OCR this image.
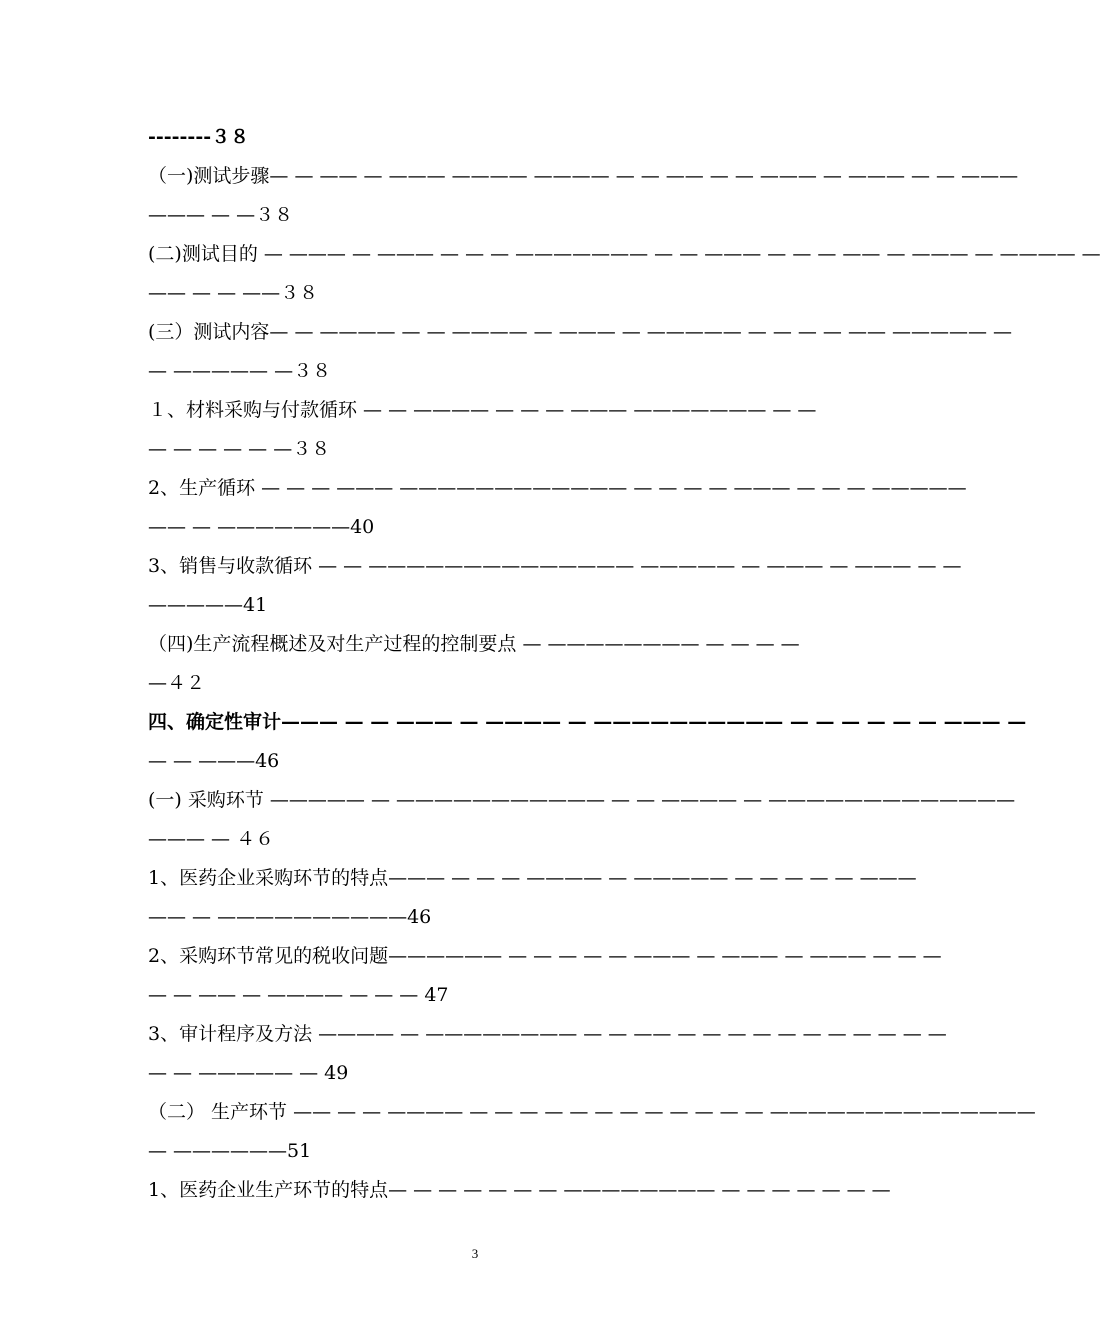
--------３８
（一)测试步骤— — —— — ——— ———— ———— — — —— — — ——— — ——— — — ———
——— — —３８
(二)测试目的 — ——— — ——— — — — ——————— — — ——— — — — —— — ——— — ———— —
—— — — ——３８
(三）测试内容— — ———— — — ———— — ——— — ————— — — — — —— ————— —
— ————— —３８
１、材料采购与付款循环 — — ———— — — — ——— ——————— — —
— — — — — —３８
2、生产循环 — — — ——— ———————————— — — — — ——— — — — —————
—— — ———————40
3、销售与收款循环 — — —————————————— ————— — ——— — ——— — —
—————41
（四)生产流程概述及对生产过程的控制要点 — ———————— — — — —
—４２
四、确定性审计——— — — ——— — ———— — —————————— — — — — — — ——— —
— — ———46
(一) 采购环节 ————— — ——————————— — — ———— — —————————————
——— — ４６
1、医药企业采购环节的特点——— — — — ———— — ————— — — — — — ———
—— — ——————————46
2、采购环节常见的税收问题—————— — — — — — ——— — ——— — ——— — — —
— — —— — ———— — — — 47
3、审计程序及方法 ———— — ———————— — — —— — — — — — — — — — — —
— — ————— — 49
（二） 生产环节 —— — — ———— — — — — — — — — — — — — ——————————————
— ——————51
1、医药企业生产环节的特点— — — — — — — ———————— — — — — — — —
3
